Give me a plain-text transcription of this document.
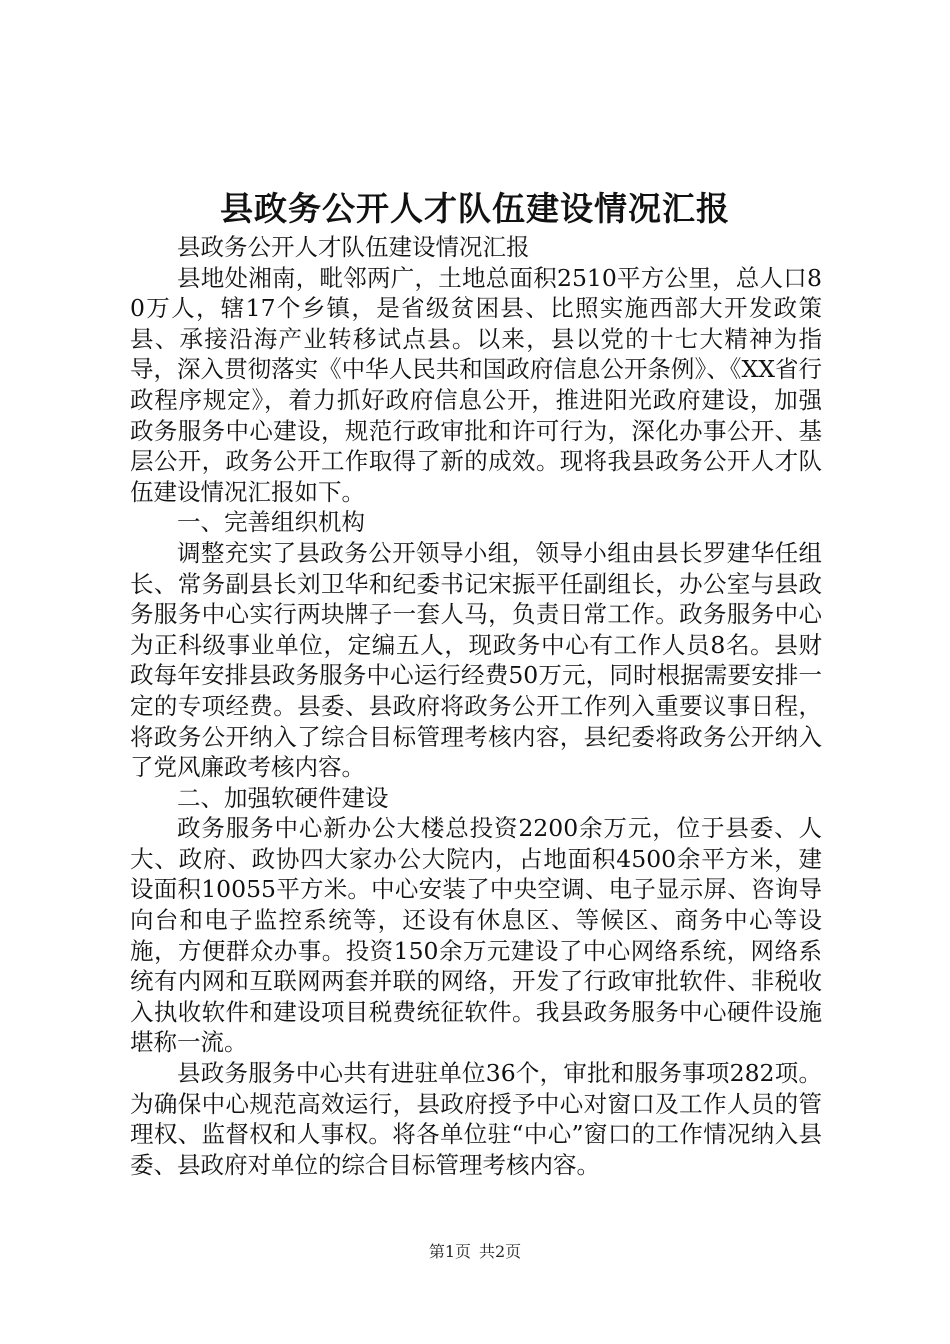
县政务公开人才队伍建设情况汇报

县政务公开人才队伍建设情况汇报

县地处湘南，毗邻两广，土地总面积2510平方公里，总人口80万人，辖17个乡镇，是省级贫困县、比照实施西部大开发政策县、承接沿海产业转移试点县。以来，县以党的十七大精神为指导，深入贯彻落实《中华人民共和国政府信息公开条例》、《XX省行政程序规定》，着力抓好政府信息公开，推进阳光政府建设，加强政务服务中心建设，规范行政审批和许可行为，深化办事公开、基层公开，政务公开工作取得了新的成效。现将我县政务公开人才队伍建设情况汇报如下。

一、完善组织机构

调整充实了县政务公开领导小组，领导小组由县长罗建华任组长、常务副县长刘卫华和纪委书记宋振平任副组长，办公室与县政务服务中心实行两块牌子一套人马，负责日常工作。政务服务中心为正科级事业单位，定编五人，现政务中心有工作人员8名。县财政每年安排县政务服务中心运行经费50万元，同时根据需要安排一定的专项经费。县委、县政府将政务公开工作列入重要议事日程，将政务公开纳入了综合目标管理考核内容，县纪委将政务公开纳入了党风廉政考核内容。

二、加强软硬件建设

政务服务中心新办公大楼总投资2200余万元，位于县委、人大、政府、政协四大家办公大院内，占地面积4500余平方米，建设面积10055平方米。中心安装了中央空调、电子显示屏、咨询导向台和电子监控系统等，还设有休息区、等候区、商务中心等设施，方便群众办事。投资150余万元建设了中心网络系统，网络系统有内网和互联网两套并联的网络，开发了行政审批软件、非税收入执收软件和建设项目税费统征软件。我县政务服务中心硬件设施堪称一流。

县政务服务中心共有进驻单位36个，审批和服务事项282项。为确保中心规范高效运行，县政府授予中心对窗口及工作人员的管理权、监督权和人事权。将各单位驻“中心”窗口的工作情况纳入县委、县政府对单位的综合目标管理考核内容。

第1页 共2页
